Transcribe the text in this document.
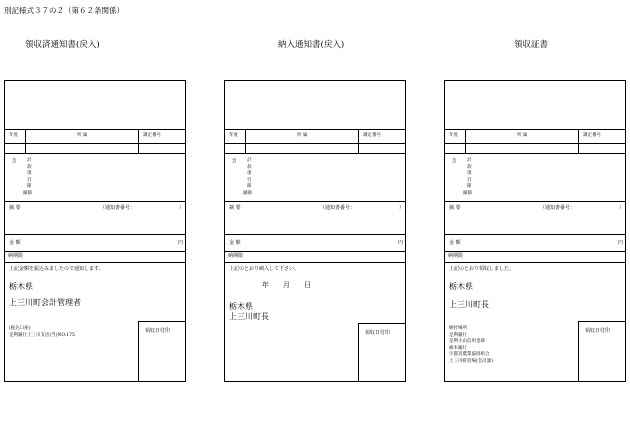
別記様式３７の２（第６２条関係）
領収済通知書(戻入)	納入通知書(戻入)	領収証書
年度	所 属	調定番号
会 計
款
項
目
節
細節
摘 要	（通知書番号：	）
金 額	円
納期限
上記金額を振込みましたので通知します。
栃木県
上三川町会計管理者
(振込口座)
足利銀行上三川支店(当)NO.175
領収日付印
年度	所 属	調定番号
会 計
款
項
目
節
細節
摘 要	（通知書番号：	）
金 額	円
納期限
上記のとおり納入して下さい。
年　　月　　日
栃木県
上三川町長
領収日付印
年度	所 属	調定番号
会 計
款
項
目
節
細節
摘 要	（通知書番号：	）
金 額	円
納期限
上記のとおり領収しました。
栃木県
上三川町長
納付場所
足利銀行
足利小山信用金庫
栃木銀行
宇都宮農業協同組合
上三川町役場(会計課)
領収日付印
